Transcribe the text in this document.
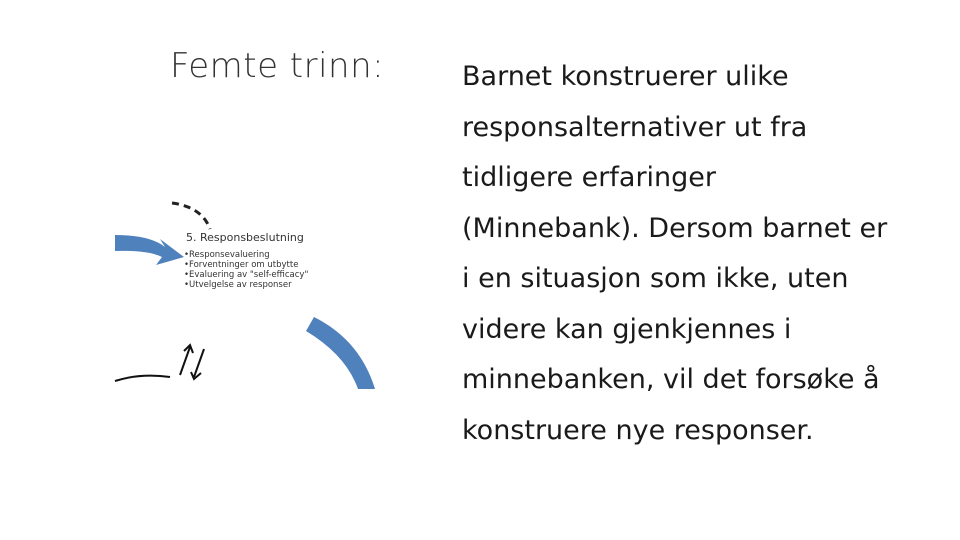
Femte trinn:
5. Responsbeslutning
•Responsevaluering
•Forventninger om utbytte
•Evaluering av "self-efficacy"
•Utvelgelse av responser

Barnet konstruerer ulike
responsalternativer ut fra
tidligere erfaringer
(Minnebank). Dersom barnet er
i en situasjon som ikke, uten
videre kan gjenkjennes i
minnebanken, vil det forsøke å
konstruere nye responser.
